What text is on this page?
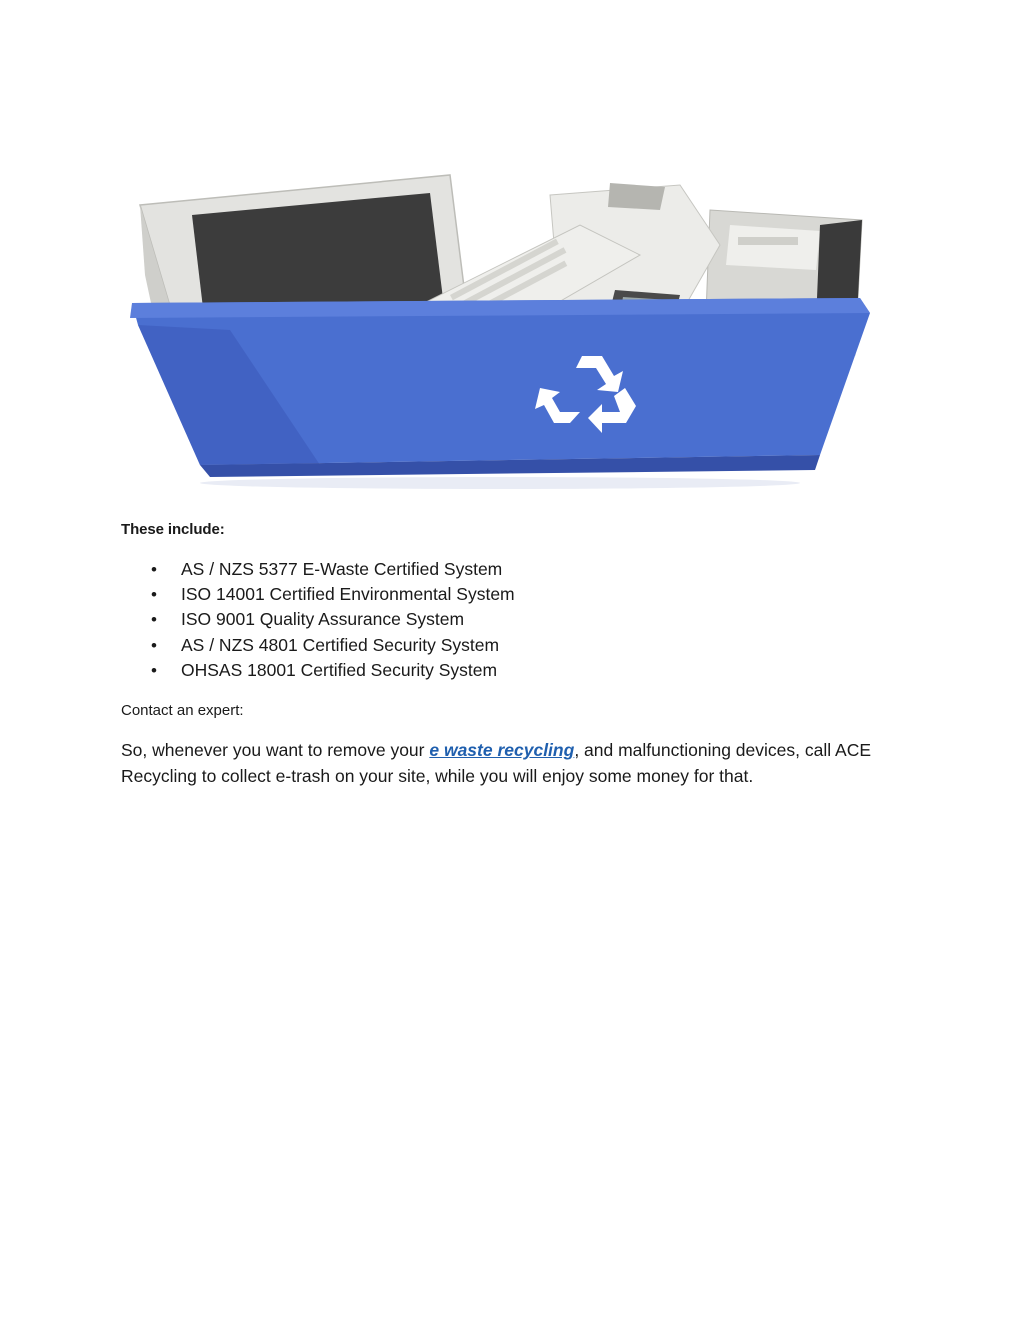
These include:
•	AS / NZS 5377 E-Waste Certified System
•	ISO 14001 Certified Environmental System
•	ISO 9001 Quality Assurance System
•	AS / NZS 4801 Certified Security System
•	OHSAS 18001 Certified Security System
Contact an expert:

So, whenever you want to remove your e waste recycling, and malfunctioning devices, call ACE Recycling to collect e-trash on your site, while you will enjoy some money for that.
